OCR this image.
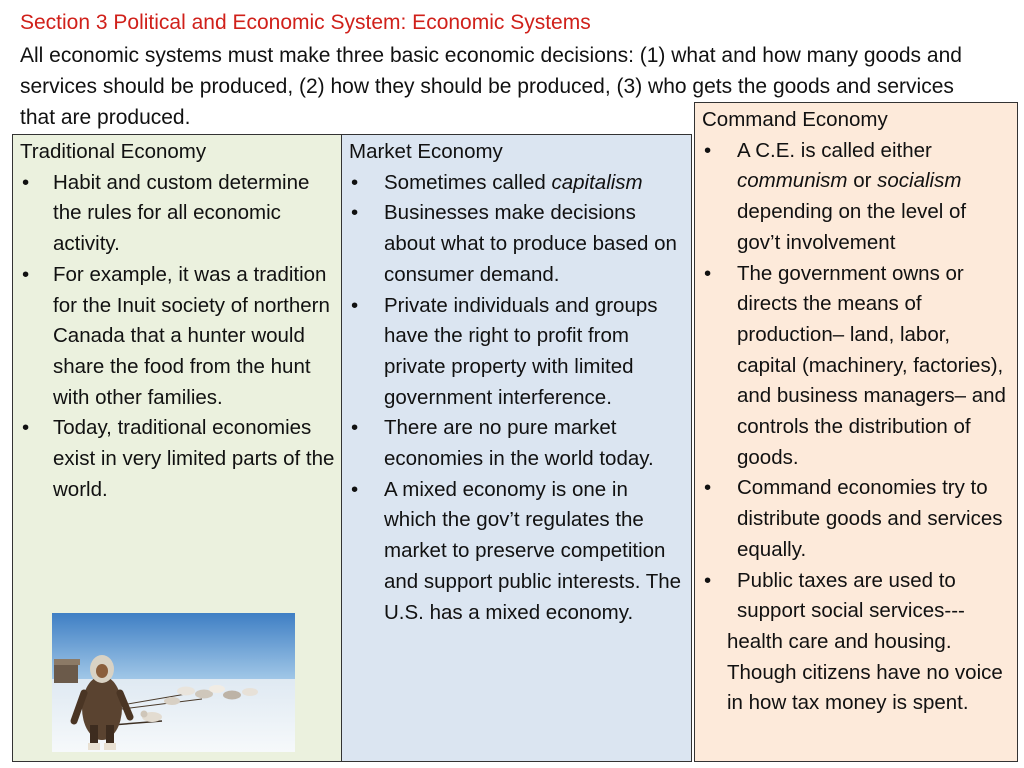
Section 3 Political and Economic System: Economic Systems
All economic systems must make three basic economic decisions: (1) what and how many goods and services should be produced, (2) how they should be produced, (3) who gets the goods and services that are produced.
Traditional Economy
• Habit and custom determine the rules for all economic activity.
• For example, it was a tradition for the Inuit society of northern Canada that a hunter would share the food from the hunt with other families.
• Today, traditional economies exist in very limited parts of the world.
Market Economy
• Sometimes called capitalism
• Businesses make decisions about what to produce based on consumer demand.
• Private individuals and groups have the right to profit from private property with limited government interference.
• There are no pure market economies in the world today.
• A mixed economy is one in which the gov’t regulates the market to preserve competition and support public interests. The U.S. has a mixed economy.
Command Economy
• A C.E. is called either communism or socialism depending on the level of gov’t involvement
• The government owns or directs the means of production– land, labor, capital (machinery, factories), and business managers– and controls the distribution of goods.
• Command economies try to distribute goods and services equally.
• Public taxes are used to support social services---
health care and housing. Though citizens have no voice in how tax money is spent.
